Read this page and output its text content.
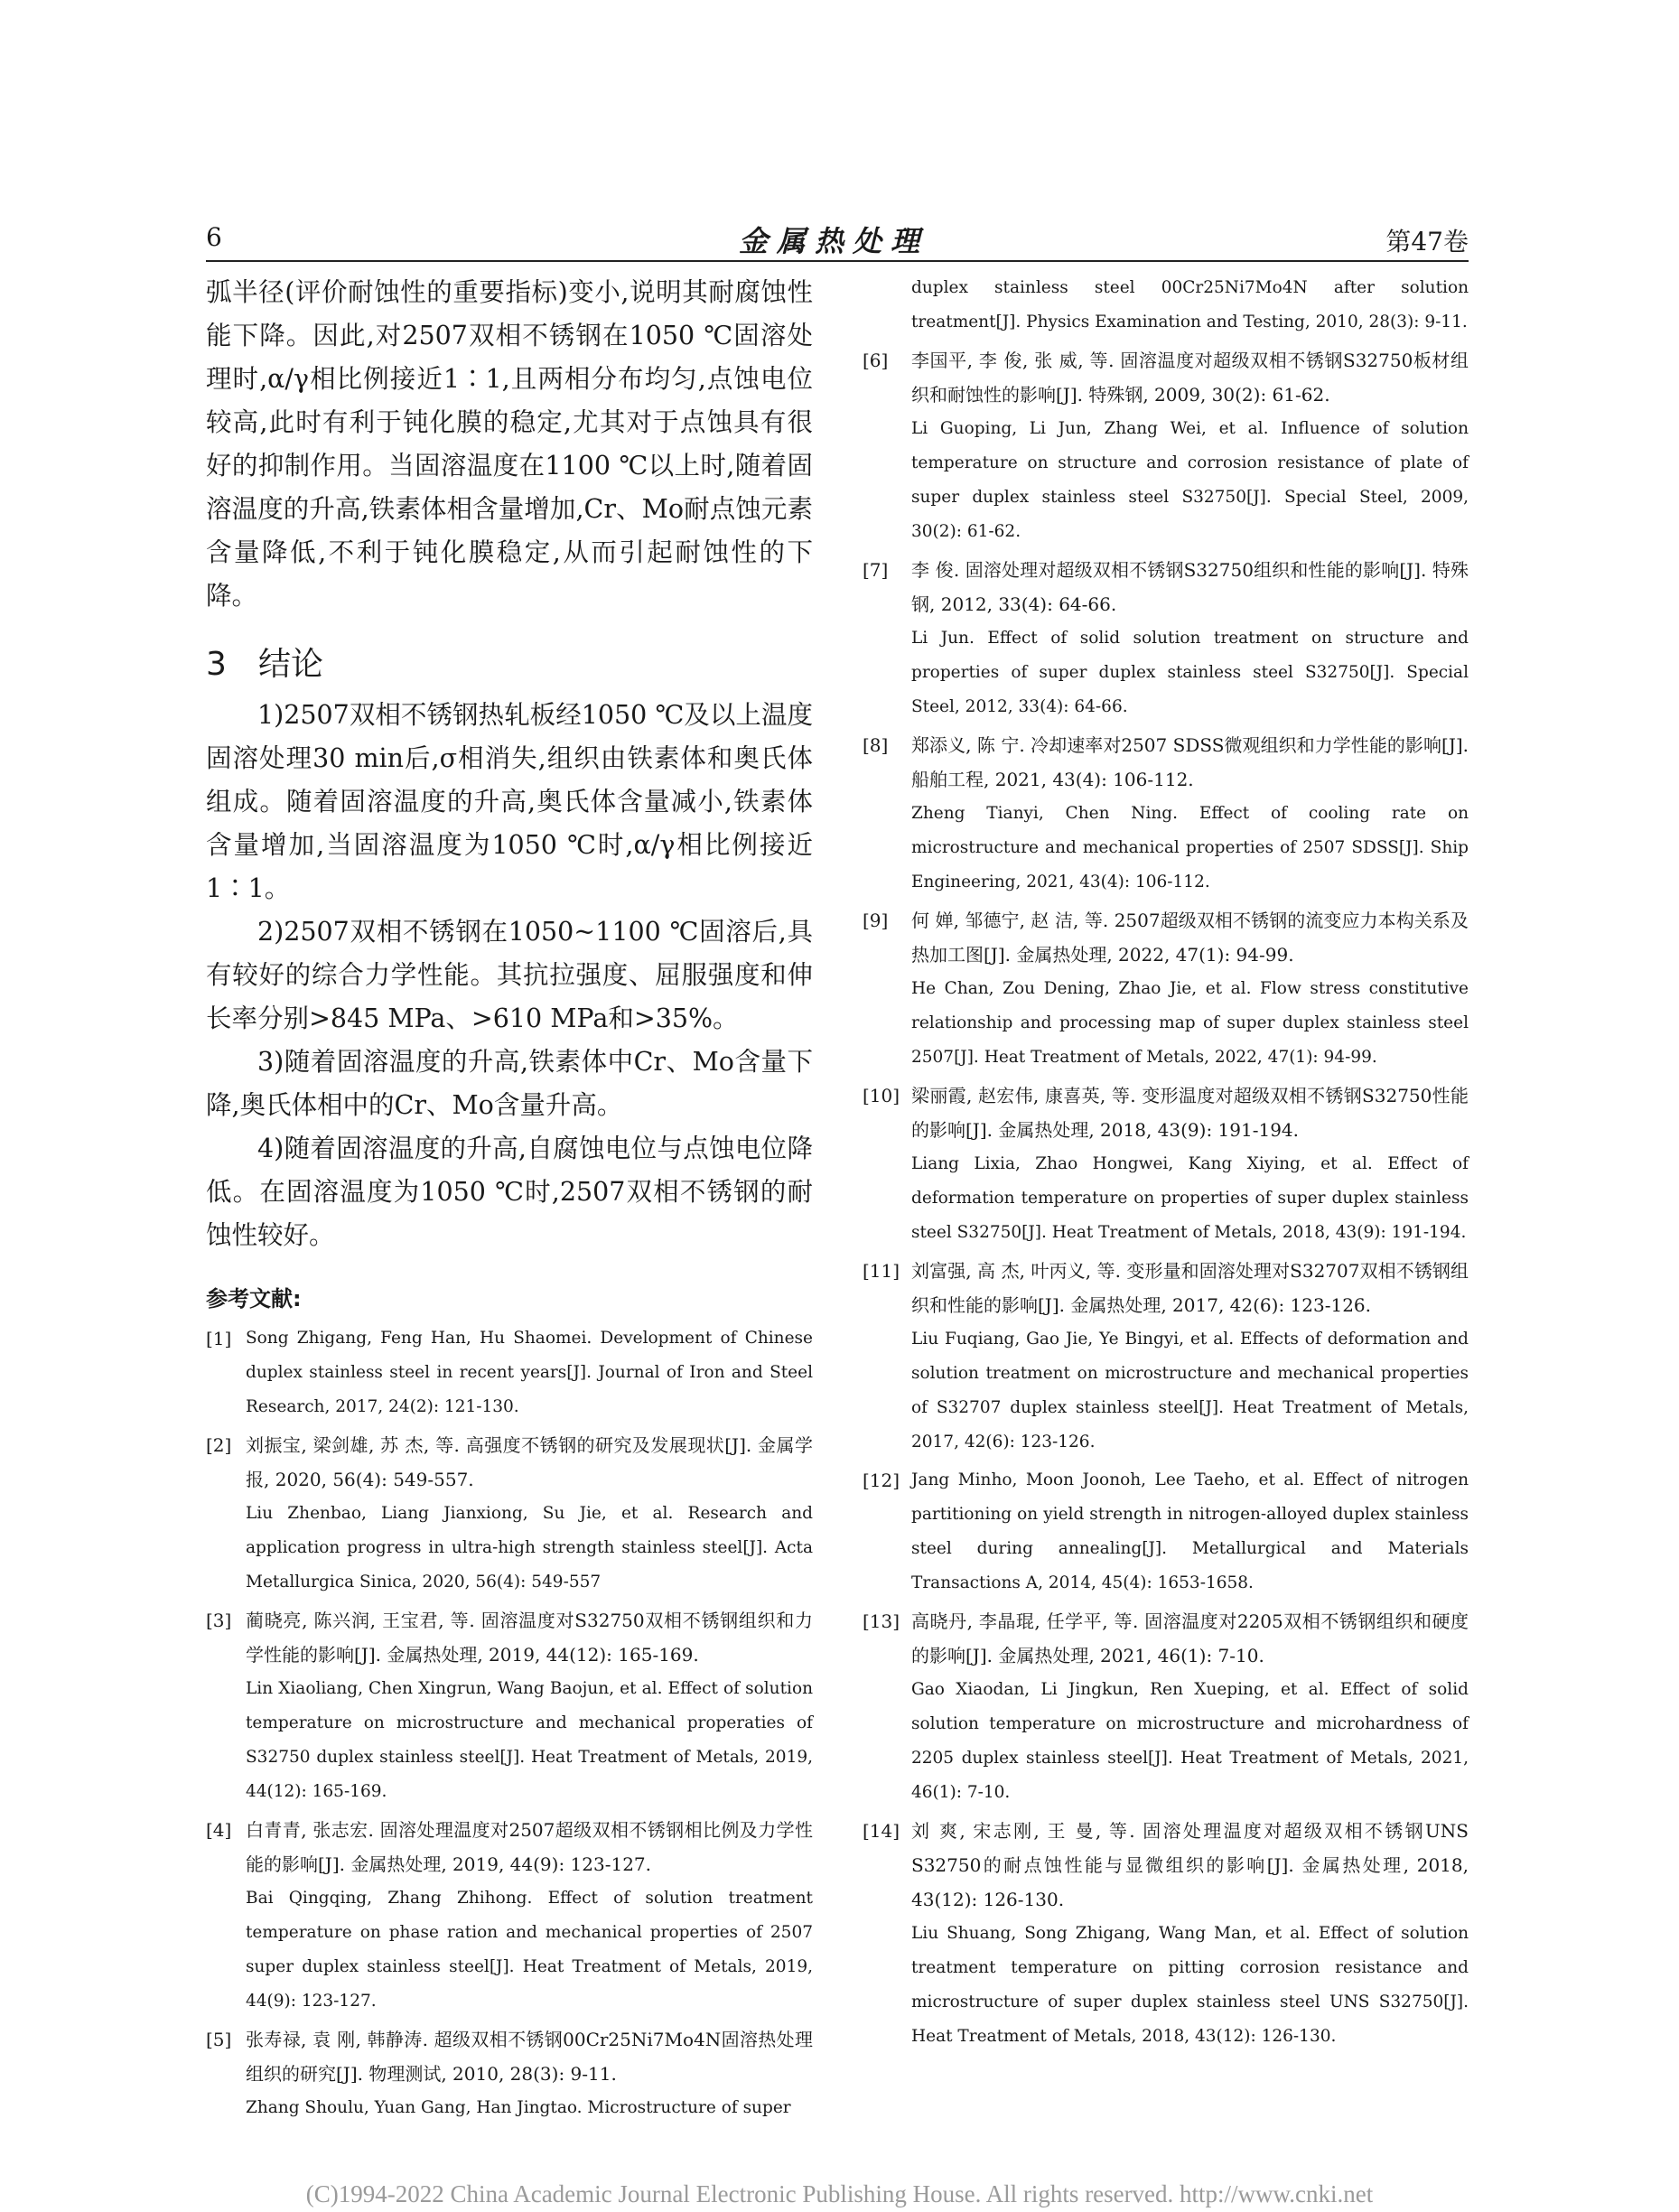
6	金属热处理	第47卷

弧半径(评价耐蚀性的重要指标)变小,说明其耐腐蚀性能下降。因此,对2507双相不锈钢在1050 ℃固溶处理时,α/γ相比例接近1∶1,且两相分布均匀,点蚀电位较高,此时有利于钝化膜的稳定,尤其对于点蚀具有很好的抑制作用。当固溶温度在1100 ℃以上时,随着固溶温度的升高,铁素体相含量增加,Cr、Mo耐点蚀元素含量降低,不利于钝化膜稳定,从而引起耐蚀性的下降。

3 结论

1)2507双相不锈钢热轧板经1050 ℃及以上温度固溶处理30 min后,σ相消失,组织由铁素体和奥氏体组成。随着固溶温度的升高,奥氏体含量减小,铁素体含量增加,当固溶温度为1050 ℃时,α/γ相比例接近1∶1。

2)2507双相不锈钢在1050~1100 ℃固溶后,具有较好的综合力学性能。其抗拉强度、屈服强度和伸长率分别>845 MPa、>610 MPa和>35%。

3)随着固溶温度的升高,铁素体中Cr、Mo含量下降,奥氏体相中的Cr、Mo含量升高。

4)随着固溶温度的升高,自腐蚀电位与点蚀电位降低。在固溶温度为1050 ℃时,2507双相不锈钢的耐蚀性较好。

参考文献:
[1] Song Zhigang, Feng Han, Hu Shaomei. Development of Chinese duplex stainless steel in recent years[J]. Journal of Iron and Steel Research, 2017, 24(2): 121-130.

[2] 刘振宝, 梁剑雄, 苏 杰, 等. 高强度不锈钢的研究及发展现状[J]. 金属学报, 2020, 56(4): 549-557.

Liu Zhenbao, Liang Jianxiong, Su Jie, et al. Research and application progress in ultra-high strength stainless steel[J]. Acta Metallurgica Sinica, 2020, 56(4): 549-557

[3] 蔺晓亮, 陈兴润, 王宝君, 等. 固溶温度对S32750双相不锈钢组织和力学性能的影响[J]. 金属热处理, 2019, 44(12): 165-169.

Lin Xiaoliang, Chen Xingrun, Wang Baojun, et al. Effect of solution temperature on microstructure and mechanical properaties of S32750 duplex stainless steel[J]. Heat Treatment of Metals, 2019, 44(12): 165-169.

[4] 白青青, 张志宏. 固溶处理温度对2507超级双相不锈钢相比例及力学性能的影响[J]. 金属热处理, 2019, 44(9): 123-127.

Bai Qingqing, Zhang Zhihong. Effect of solution treatment temperature on phase ration and mechanical properties of 2507 super duplex stainless steel[J]. Heat Treatment of Metals, 2019, 44(9): 123-127.

[5] 张寿禄, 袁 刚, 韩静涛. 超级双相不锈钢00Cr25Ni7Mo4N固溶热处理组织的研究[J]. 物理测试, 2010, 28(3): 9-11.

Zhang Shoulu, Yuan Gang, Han Jingtao. Microstructure of super

duplex stainless steel 00Cr25Ni7Mo4N after solution treatment[J]. Physics Examination and Testing, 2010, 28(3): 9-11.

[6] 李国平, 李 俊, 张 威, 等. 固溶温度对超级双相不锈钢S32750板材组织和耐蚀性的影响[J]. 特殊钢, 2009, 30(2): 61-62.

Li Guoping, Li Jun, Zhang Wei, et al. Influence of solution temperature on structure and corrosion resistance of plate of super duplex stainless steel S32750[J]. Special Steel, 2009, 30(2): 61-62.

[7] 李 俊. 固溶处理对超级双相不锈钢S32750组织和性能的影响[J]. 特殊钢, 2012, 33(4): 64-66.

Li Jun. Effect of solid solution treatment on structure and properties of super duplex stainless steel S32750[J]. Special Steel, 2012, 33(4): 64-66.

[8] 郑添义, 陈 宁. 冷却速率对2507 SDSS微观组织和力学性能的影响[J]. 船舶工程, 2021, 43(4): 106-112.

Zheng Tianyi, Chen Ning. Effect of cooling rate on microstructure and mechanical properties of 2507 SDSS[J]. Ship Engineering, 2021, 43(4): 106-112.

[9] 何 婵, 邹德宁, 赵 洁, 等. 2507超级双相不锈钢的流变应力本构关系及热加工图[J]. 金属热处理, 2022, 47(1): 94-99.

He Chan, Zou Dening, Zhao Jie, et al. Flow stress constitutive relationship and processing map of super duplex stainless steel 2507[J]. Heat Treatment of Metals, 2022, 47(1): 94-99.

[10] 梁丽霞, 赵宏伟, 康喜英, 等. 变形温度对超级双相不锈钢S32750性能的影响[J]. 金属热处理, 2018, 43(9): 191-194.

Liang Lixia, Zhao Hongwei, Kang Xiying, et al. Effect of deformation temperature on properties of super duplex stainless steel S32750[J]. Heat Treatment of Metals, 2018, 43(9): 191-194.

[11] 刘富强, 高 杰, 叶丙义, 等. 变形量和固溶处理对S32707双相不锈钢组织和性能的影响[J]. 金属热处理, 2017, 42(6): 123-126.

Liu Fuqiang, Gao Jie, Ye Bingyi, et al. Effects of deformation and solution treatment on microstructure and mechanical properties of S32707 duplex stainless steel[J]. Heat Treatment of Metals, 2017, 42(6): 123-126.

[12] Jang Minho, Moon Joonoh, Lee Taeho, et al. Effect of nitrogen partitioning on yield strength in nitrogen-alloyed duplex stainless steel during annealing[J]. Metallurgical and Materials Transactions A, 2014, 45(4): 1653-1658.

[13] 高晓丹, 李晶琨, 任学平, 等. 固溶温度对2205双相不锈钢组织和硬度的影响[J]. 金属热处理, 2021, 46(1): 7-10.

Gao Xiaodan, Li Jingkun, Ren Xueping, et al. Effect of solid solution temperature on microstructure and microhardness of 2205 duplex stainless steel[J]. Heat Treatment of Metals, 2021, 46(1): 7-10.

[14] 刘 爽, 宋志刚, 王 曼, 等. 固溶处理温度对超级双相不锈钢UNS S32750的耐点蚀性能与显微组织的影响[J]. 金属热处理, 2018, 43(12): 126-130.

Liu Shuang, Song Zhigang, Wang Man, et al. Effect of solution treatment temperature on pitting corrosion resistance and microstructure of super duplex stainless steel UNS S32750[J]. Heat Treatment of Metals, 2018, 43(12): 126-130.

(C)1994-2022 China Academic Journal Electronic Publishing House. All rights reserved. http://www.cnki.net
